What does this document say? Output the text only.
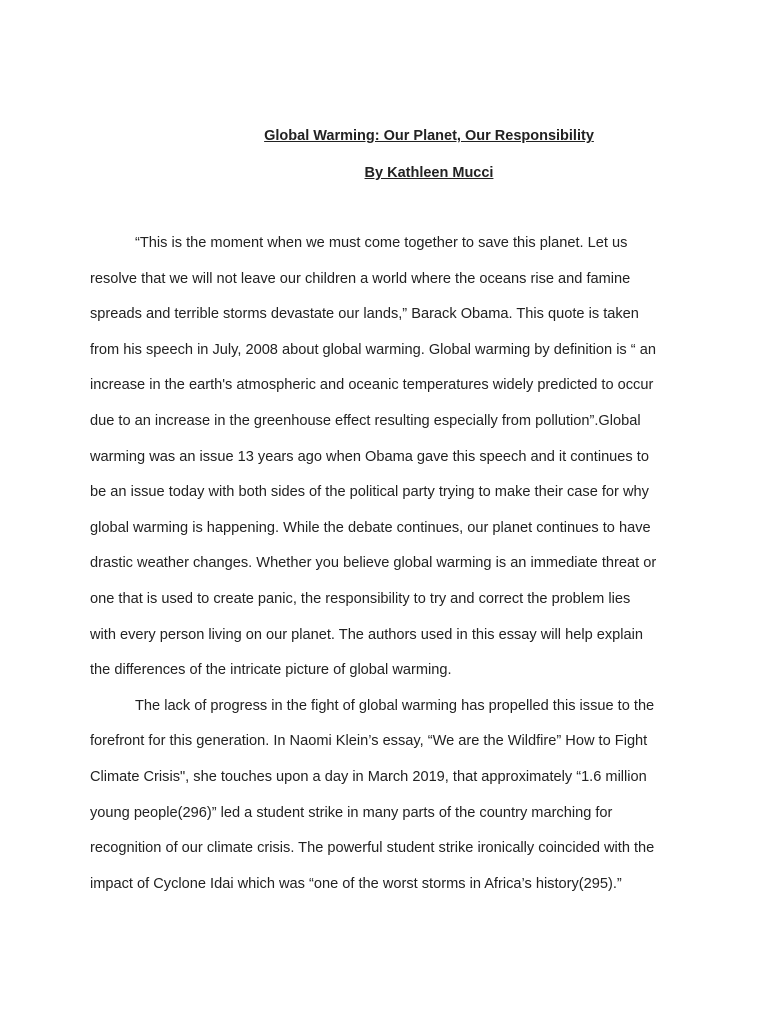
Global Warming: Our Planet, Our Responsibility
By Kathleen Mucci
“This is the moment when we must come together to save this planet. Let us
resolve that we will not leave our children a world where the oceans rise and famine
spreads and terrible storms devastate our lands,” Barack Obama. This quote is taken
from his speech in July, 2008 about global warming. Global warming by definition is “ an
increase in the earth's atmospheric and oceanic temperatures widely predicted to occur
due to an increase in the greenhouse effect resulting especially from pollution”.Global
warming was an issue 13 years ago when Obama gave this speech and it continues to
be an issue today with both sides of the political party trying to make their case for why
global warming is happening. While the debate continues, our planet continues to have
drastic weather changes. Whether you believe global warming is an immediate threat or
one that is used to create panic, the responsibility to try and correct the problem lies
with every person living on our planet. The authors used in this essay will help explain
the differences of the intricate picture of global warming.
The lack of progress in the fight of global warming has propelled this issue to the
forefront for this generation. In Naomi Klein’s essay, “We are the Wildfire” How to Fight
Climate Crisis", she touches upon a day in March 2019, that approximately “1.6 million
young people(296)” led a student strike in many parts of the country marching for
recognition of our climate crisis. The powerful student strike ironically coincided with the
impact of Cyclone Idai which was “one of the worst storms in Africa’s history(295).”
